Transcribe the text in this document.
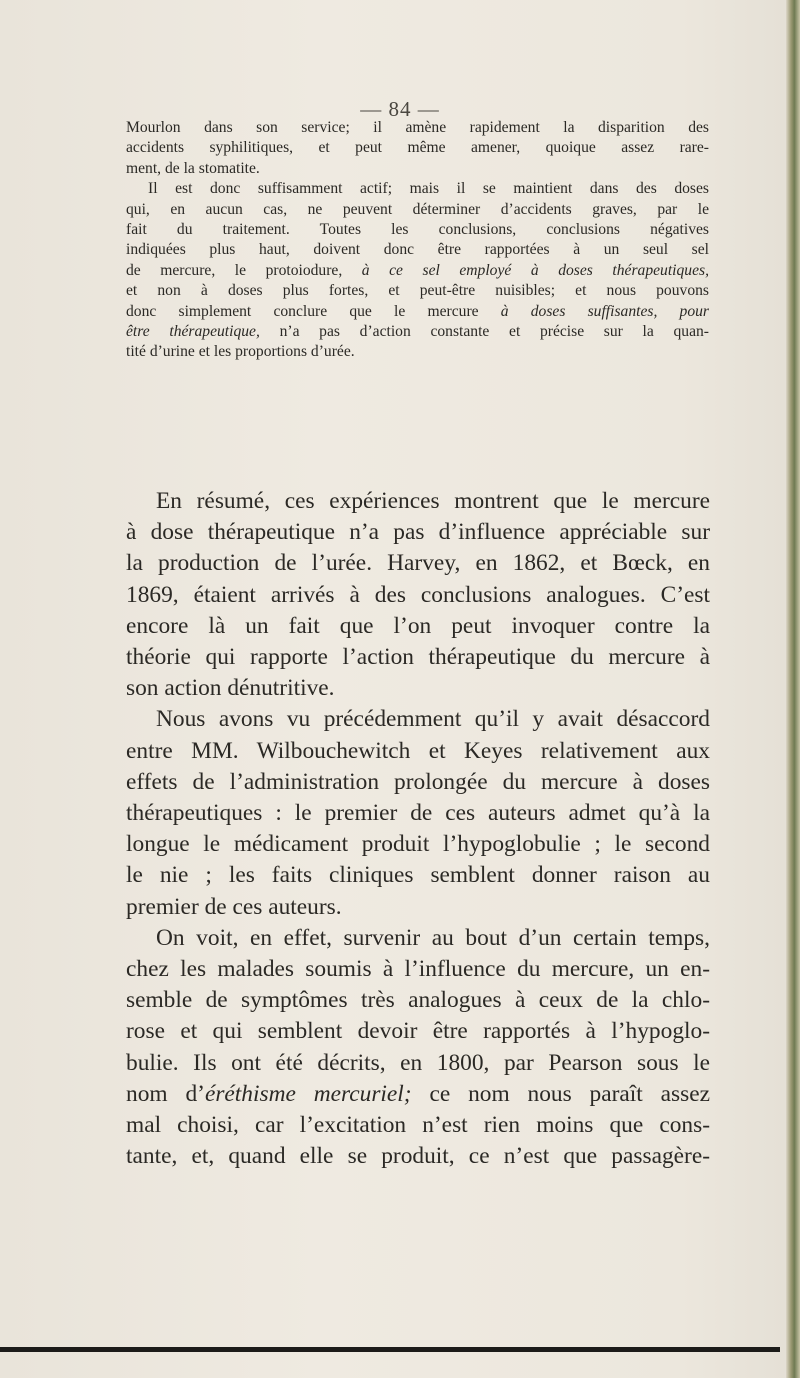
— 84 —

Mourlon dans son service; il amène rapidement la disparition des
accidents syphilitiques, et peut même amener, quoique assez rare-
ment, de la stomatite.

Il est donc suffisamment actif; mais il se maintient dans des doses
qui, en aucun cas, ne peuvent déterminer d’accidents graves, par le
fait du traitement. Toutes les conclusions, conclusions négatives
indiquées plus haut, doivent donc être rapportées à un seul sel
de mercure, le protoiodure, à ce sel employé à doses thérapeutiques,
et non à doses plus fortes, et peut-être nuisibles; et nous pouvons
donc simplement conclure que le mercure à doses suffisantes, pour
être thérapeutique, n’a pas d’action constante et précise sur la quan-
tité d’urine et les proportions d’urée.

En résumé, ces expériences montrent que le mercure
à dose thérapeutique n’a pas d’influence appréciable sur
la production de l’urée. Harvey, en 1862, et Bœck, en
1869, étaient arrivés à des conclusions analogues. C’est
encore là un fait que l’on peut invoquer contre la
théorie qui rapporte l’action thérapeutique du mercure à
son action dénutritive.

Nous avons vu précédemment qu’il y avait désaccord
entre MM. Wilbouchewitch et Keyes relativement aux
effets de l’administration prolongée du mercure à doses
thérapeutiques : le premier de ces auteurs admet qu’à la
longue le médicament produit l’hypoglobulie ; le second
le nie ; les faits cliniques semblent donner raison au
premier de ces auteurs.

On voit, en effet, survenir au bout d’un certain temps,
chez les malades soumis à l’influence du mercure, un en-
semble de symptômes très analogues à ceux de la chlo-
rose et qui semblent devoir être rapportés à l’hypoglo-
bulie. Ils ont été décrits, en 1800, par Pearson sous le
nom d’éréthisme mercuriel; ce nom nous paraît assez
mal choisi, car l’excitation n’est rien moins que cons-
tante, et, quand elle se produit, ce n’est que passagère-
